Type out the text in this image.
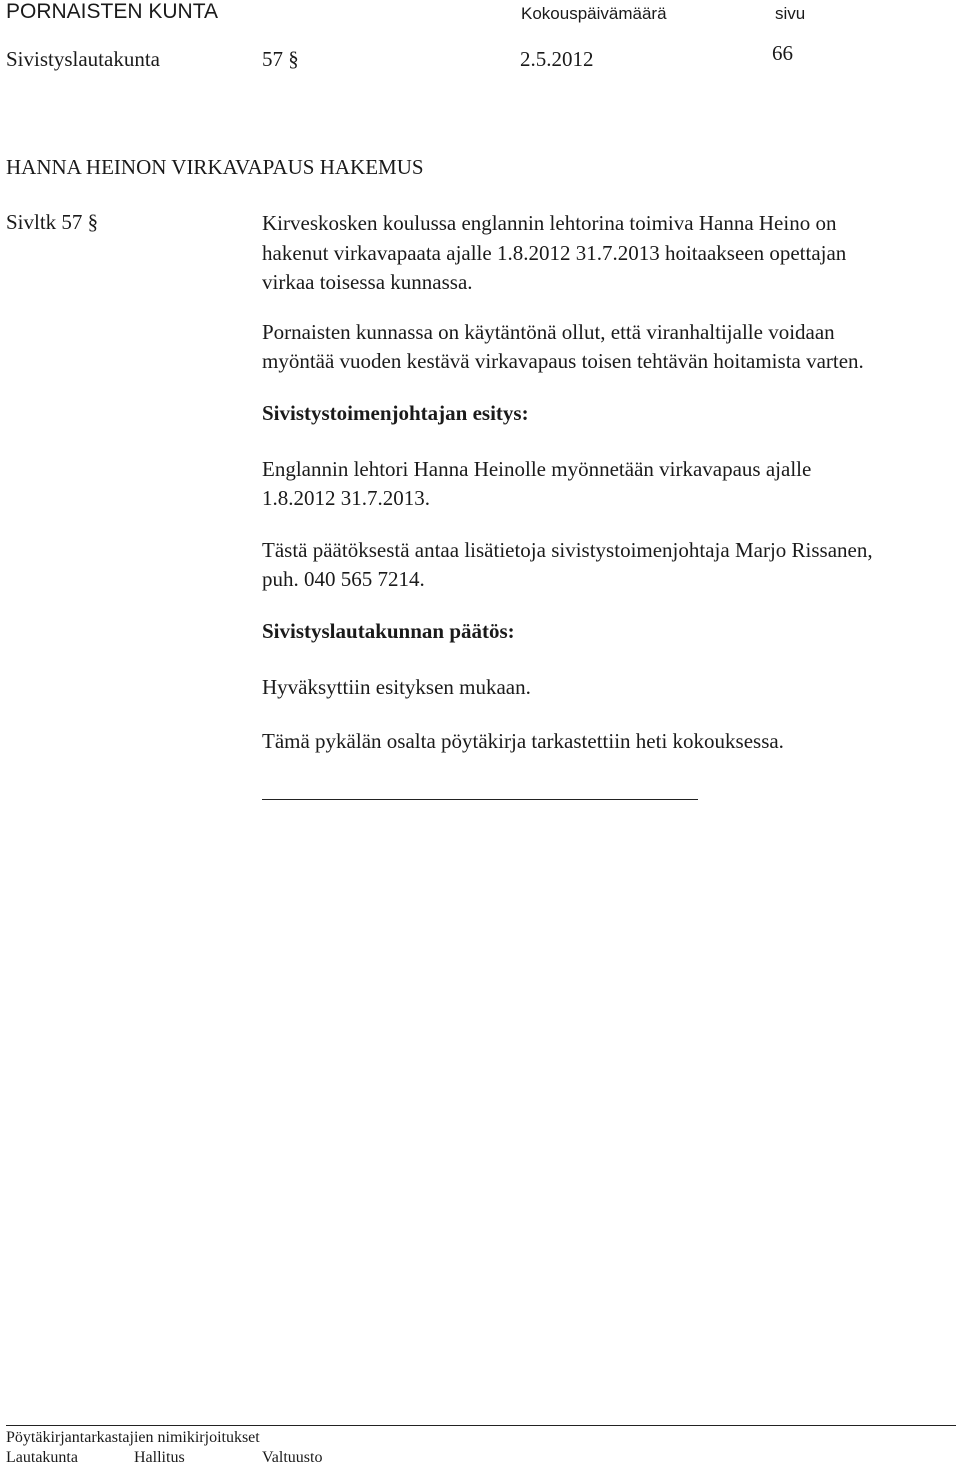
PORNAISTEN KUNTA	Kokouspäivämäärä	sivu
Sivistyslautakunta	57 §	2.5.2012	66
HANNA HEINON VIRKAVAPAUS HAKEMUS
Sivltk 57 §	Kirveskosken koulussa englannin lehtorina toimiva Hanna Heino on
hakenut virkavapaata ajalle 1.8.2012 31.7.2013 hoitaakseen opettajan
virkaa toisessa kunnassa.
Pornaisten kunnassa on käytäntönä ollut, että viranhaltijalle voidaan
myöntää vuoden kestävä virkavapaus toisen tehtävän hoitamista varten.
Sivistystoimenjohtajan esitys:
Englannin lehtori Hanna Heinolle myönnetään virkavapaus ajalle
1.8.2012 31.7.2013.
Tästä päätöksestä antaa lisätietoja sivistystoimenjohtaja Marjo Rissanen,
puh. 040 565 7214.
Sivistyslautakunnan päätös:
Hyväksyttiin esityksen mukaan.
Tämä pykälän osalta pöytäkirja tarkastettiin heti kokouksessa.
Pöytäkirjantarkastajien nimikirjoitukset
Lautakunta	Hallitus	Valtuusto
